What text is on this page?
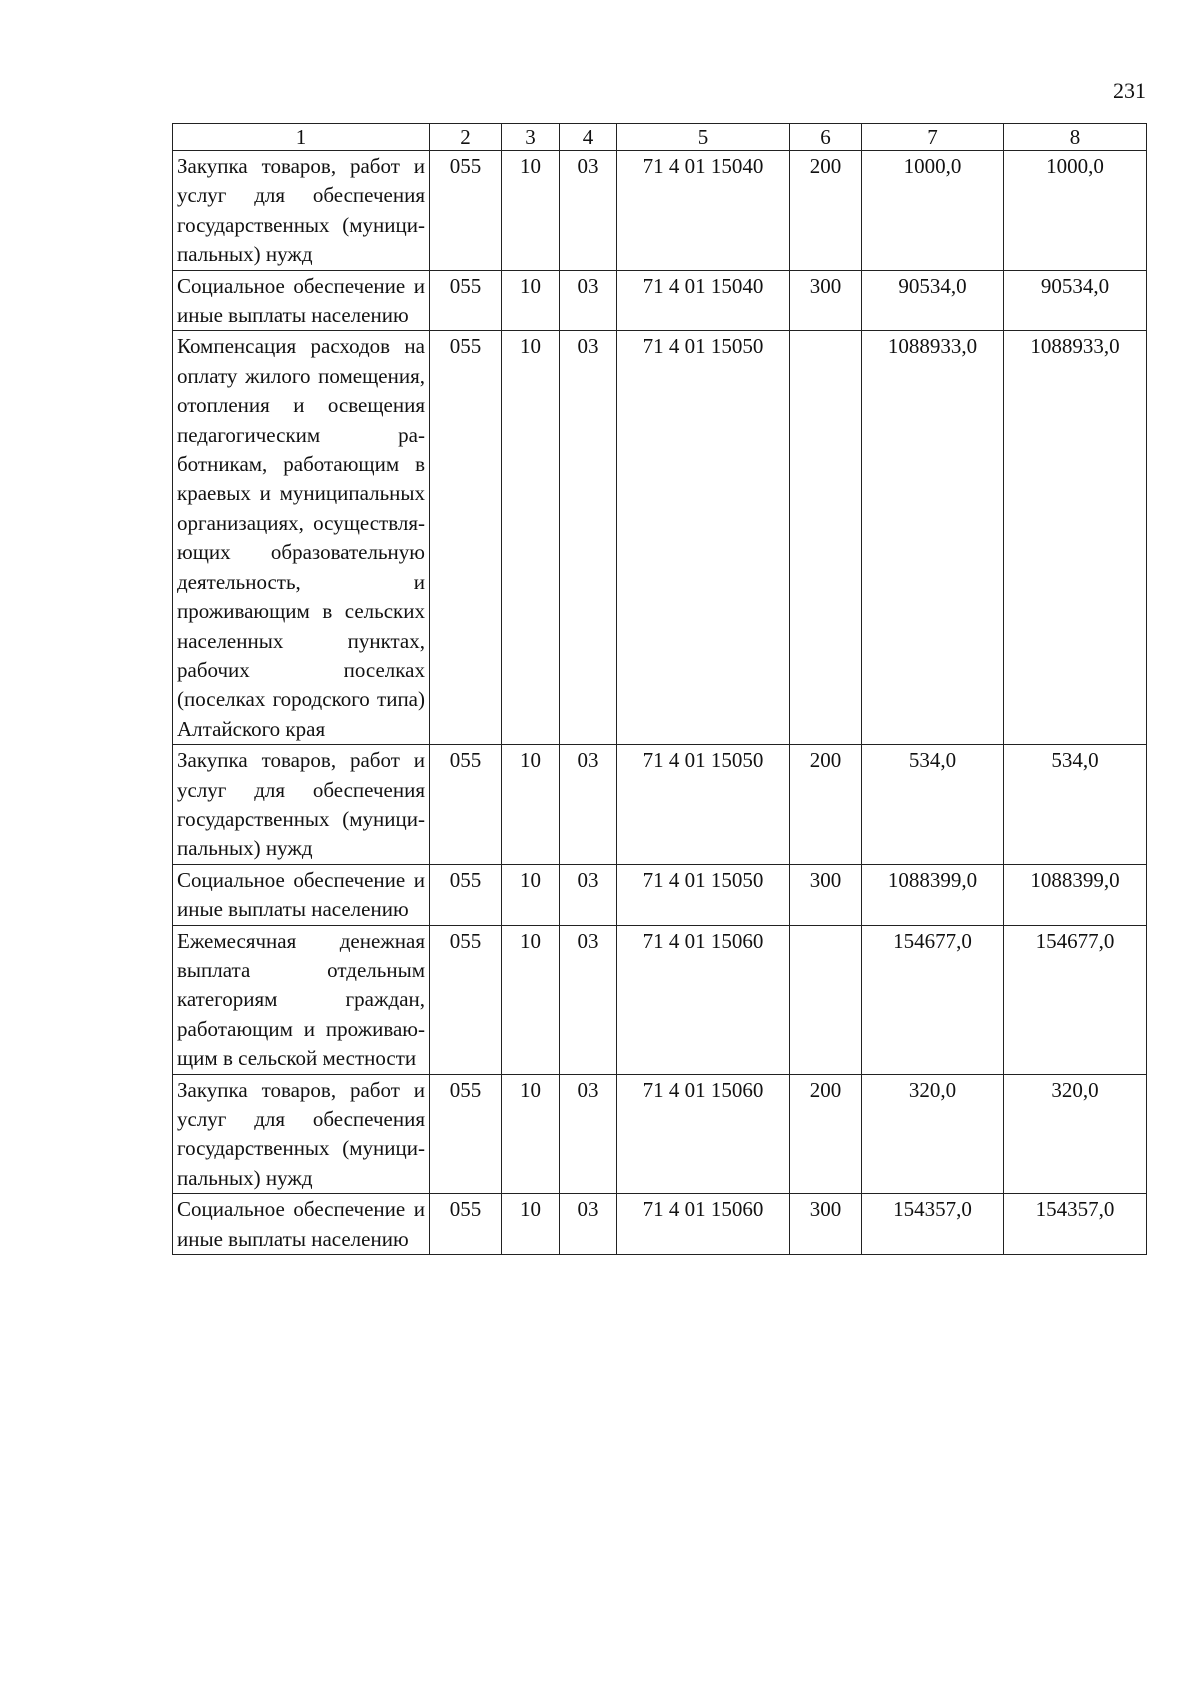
231
1	2	3	4	5	6	7	8
Закупка товаров, работ и услуг для обеспечения государственных (муниципальных) нужд	055	10	03	71 4 01 15040	200	1000,0	1000,0
Социальное обеспечение и иные выплаты населению	055	10	03	71 4 01 15040	300	90534,0	90534,0
Компенсация расходов на оплату жилого помещения, отопления и освещения педагогическим работникам, работающим в краевых и муниципальных организациях, осуществляющих образовательную деятельность, и проживающим в сельских населенных пунктах, рабочих поселках (поселках городского типа) Алтайского края	055	10	03	71 4 01 15050		1088933,0	1088933,0
Закупка товаров, работ и услуг для обеспечения государственных (муниципальных) нужд	055	10	03	71 4 01 15050	200	534,0	534,0
Социальное обеспечение и иные выплаты населению	055	10	03	71 4 01 15050	300	1088399,0	1088399,0
Ежемесячная денежная выплата отдельным категориям граждан, работающим и проживающим в сельской местности	055	10	03	71 4 01 15060		154677,0	154677,0
Закупка товаров, работ и услуг для обеспечения государственных (муниципальных) нужд	055	10	03	71 4 01 15060	200	320,0	320,0
Социальное обеспечение и иные выплаты населению	055	10	03	71 4 01 15060	300	154357,0	154357,0
